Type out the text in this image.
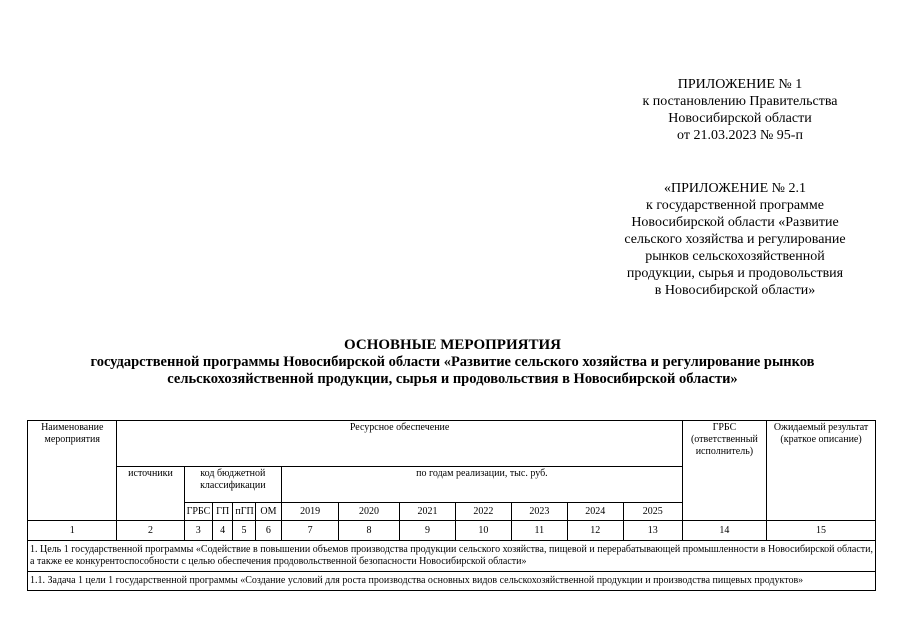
ПРИЛОЖЕНИЕ № 1
к постановлению Правительства
Новосибирской области
от 21.03.2023 № 95-п
«ПРИЛОЖЕНИЕ № 2.1
к государственной программе
Новосибирской области «Развитие
сельского хозяйства и регулирование
рынков сельскохозяйственной
продукции, сырья и продовольствия
в Новосибирской области»
ОСНОВНЫЕ МЕРОПРИЯТИЯ
государственной программы Новосибирской области «Развитие сельского хозяйства и регулирование рынков
сельскохозяйственной продукции, сырья и продовольствия в Новосибирской области»
Наименование мероприятия	Ресурсное обеспечение												ГРБС (ответственный исполнитель)	Ожидаемый результат (краткое описание)
	источники	код бюджетной классификации				по годам реализации, тыс. руб.								
		ГРБС	ГП	пГП	ОМ	2019	2020	2021	2022	2023	2024	2025		
1	2	3	4	5	6	7	8	9	10	11	12	13	14	15
1. Цель 1 государственной программы «Содействие в повышении объемов производства продукции сельского хозяйства, пищевой и перерабатывающей промышленности в Новосибирской области, а также ее конкурентоспособности с целью обеспечения продовольственной безопасности Новосибирской области»														
1.1. Задача 1 цели 1 государственной программы «Создание условий для роста производства основных видов сельскохозяйственной продукции и производства пищевых продуктов»														
